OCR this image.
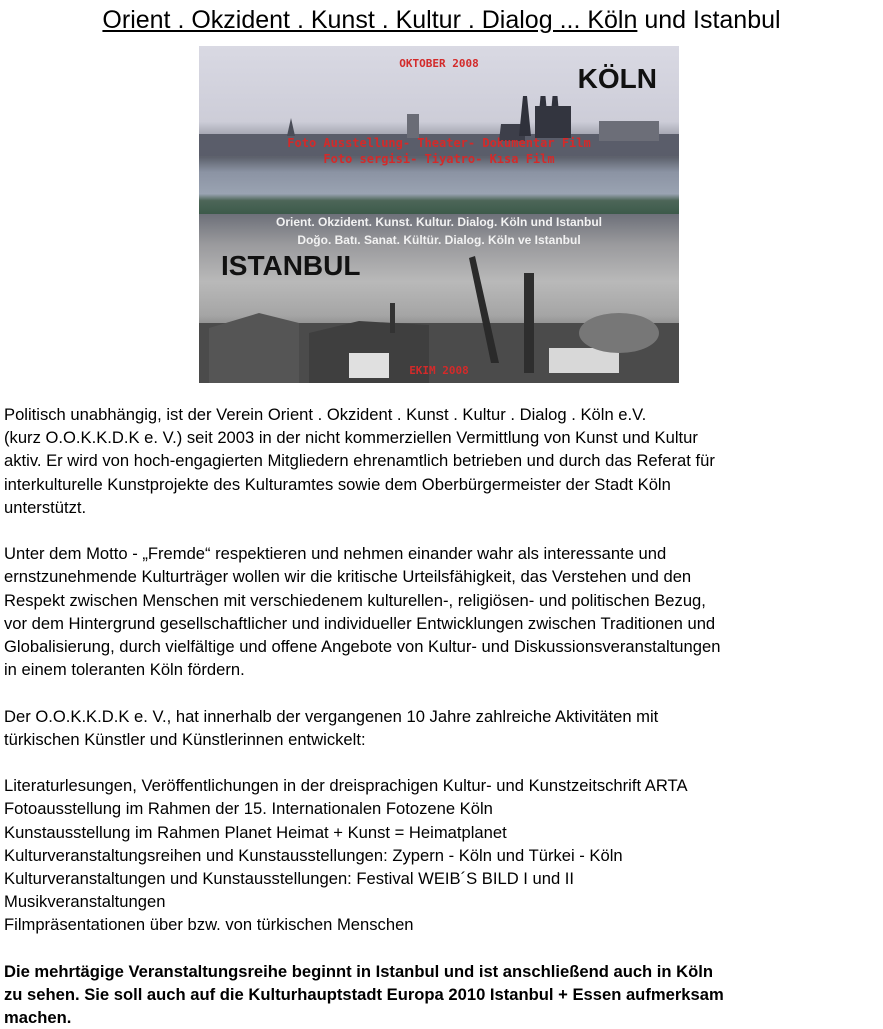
Orient . Okzident . Kunst . Kultur . Dialog ... Köln und Istanbul
OKTOBER 2008	KÖLN
Foto Ausstellung- Theater- Dokumentar Film
Foto sergisi- Tiyatro- Kısa Film
Orient. Okzident. Kunst. Kultur. Dialog. Köln und Istanbul
Doğo. Batı. Sanat. Kültür. Dialog. Köln ve Istanbul
ISTANBUL
EKIM 2008

Politisch unabhängig, ist der Verein Orient . Okzident . Kunst . Kultur . Dialog . Köln e.V.

(kurz O.O.K.K.D.K e. V.) seit 2003 in der nicht kommerziellen Vermittlung von Kunst und Kultur

aktiv. Er wird von hoch-engagierten Mitgliedern ehrenamtlich betrieben und durch das Referat für

interkulturelle Kunstprojekte des Kulturamtes sowie dem Oberbürgermeister der Stadt Köln

unterstützt.

Unter dem Motto - „Fremde“ respektieren und nehmen einander wahr als interessante und

ernstzunehmende Kulturträger wollen wir die kritische Urteilsfähigkeit, das Verstehen und den

Respekt zwischen Menschen mit verschiedenem kulturellen-, religiösen- und politischen Bezug,

vor dem Hintergrund gesellschaftlicher und individueller Entwicklungen zwischen Traditionen und

Globalisierung, durch vielfältige und offene Angebote von Kultur- und Diskussionsveranstaltungen

in einem toleranten Köln fördern.

Der O.O.K.K.D.K e. V., hat innerhalb der vergangenen 10 Jahre zahlreiche Aktivitäten mit

türkischen Künstler und Künstlerinnen entwickelt:

Literaturlesungen, Veröffentlichungen in der dreisprachigen Kultur- und Kunstzeitschrift ARTA

Fotoausstellung im Rahmen der 15. Internationalen Fotozene Köln

Kunstausstellung im Rahmen Planet Heimat + Kunst = Heimatplanet

Kulturveranstaltungsreihen und Kunstausstellungen: Zypern - Köln und Türkei - Köln

Kulturveranstaltungen und Kunstausstellungen: Festival WEIB´S BILD I und II

Musikveranstaltungen

Filmpräsentationen über bzw. von türkischen Menschen

Die mehrtägige Veranstaltungsreihe beginnt in Istanbul und ist anschließend auch in Köln

zu sehen. Sie soll auch auf die Kulturhauptstadt Europa 2010 Istanbul + Essen aufmerksam

machen.
